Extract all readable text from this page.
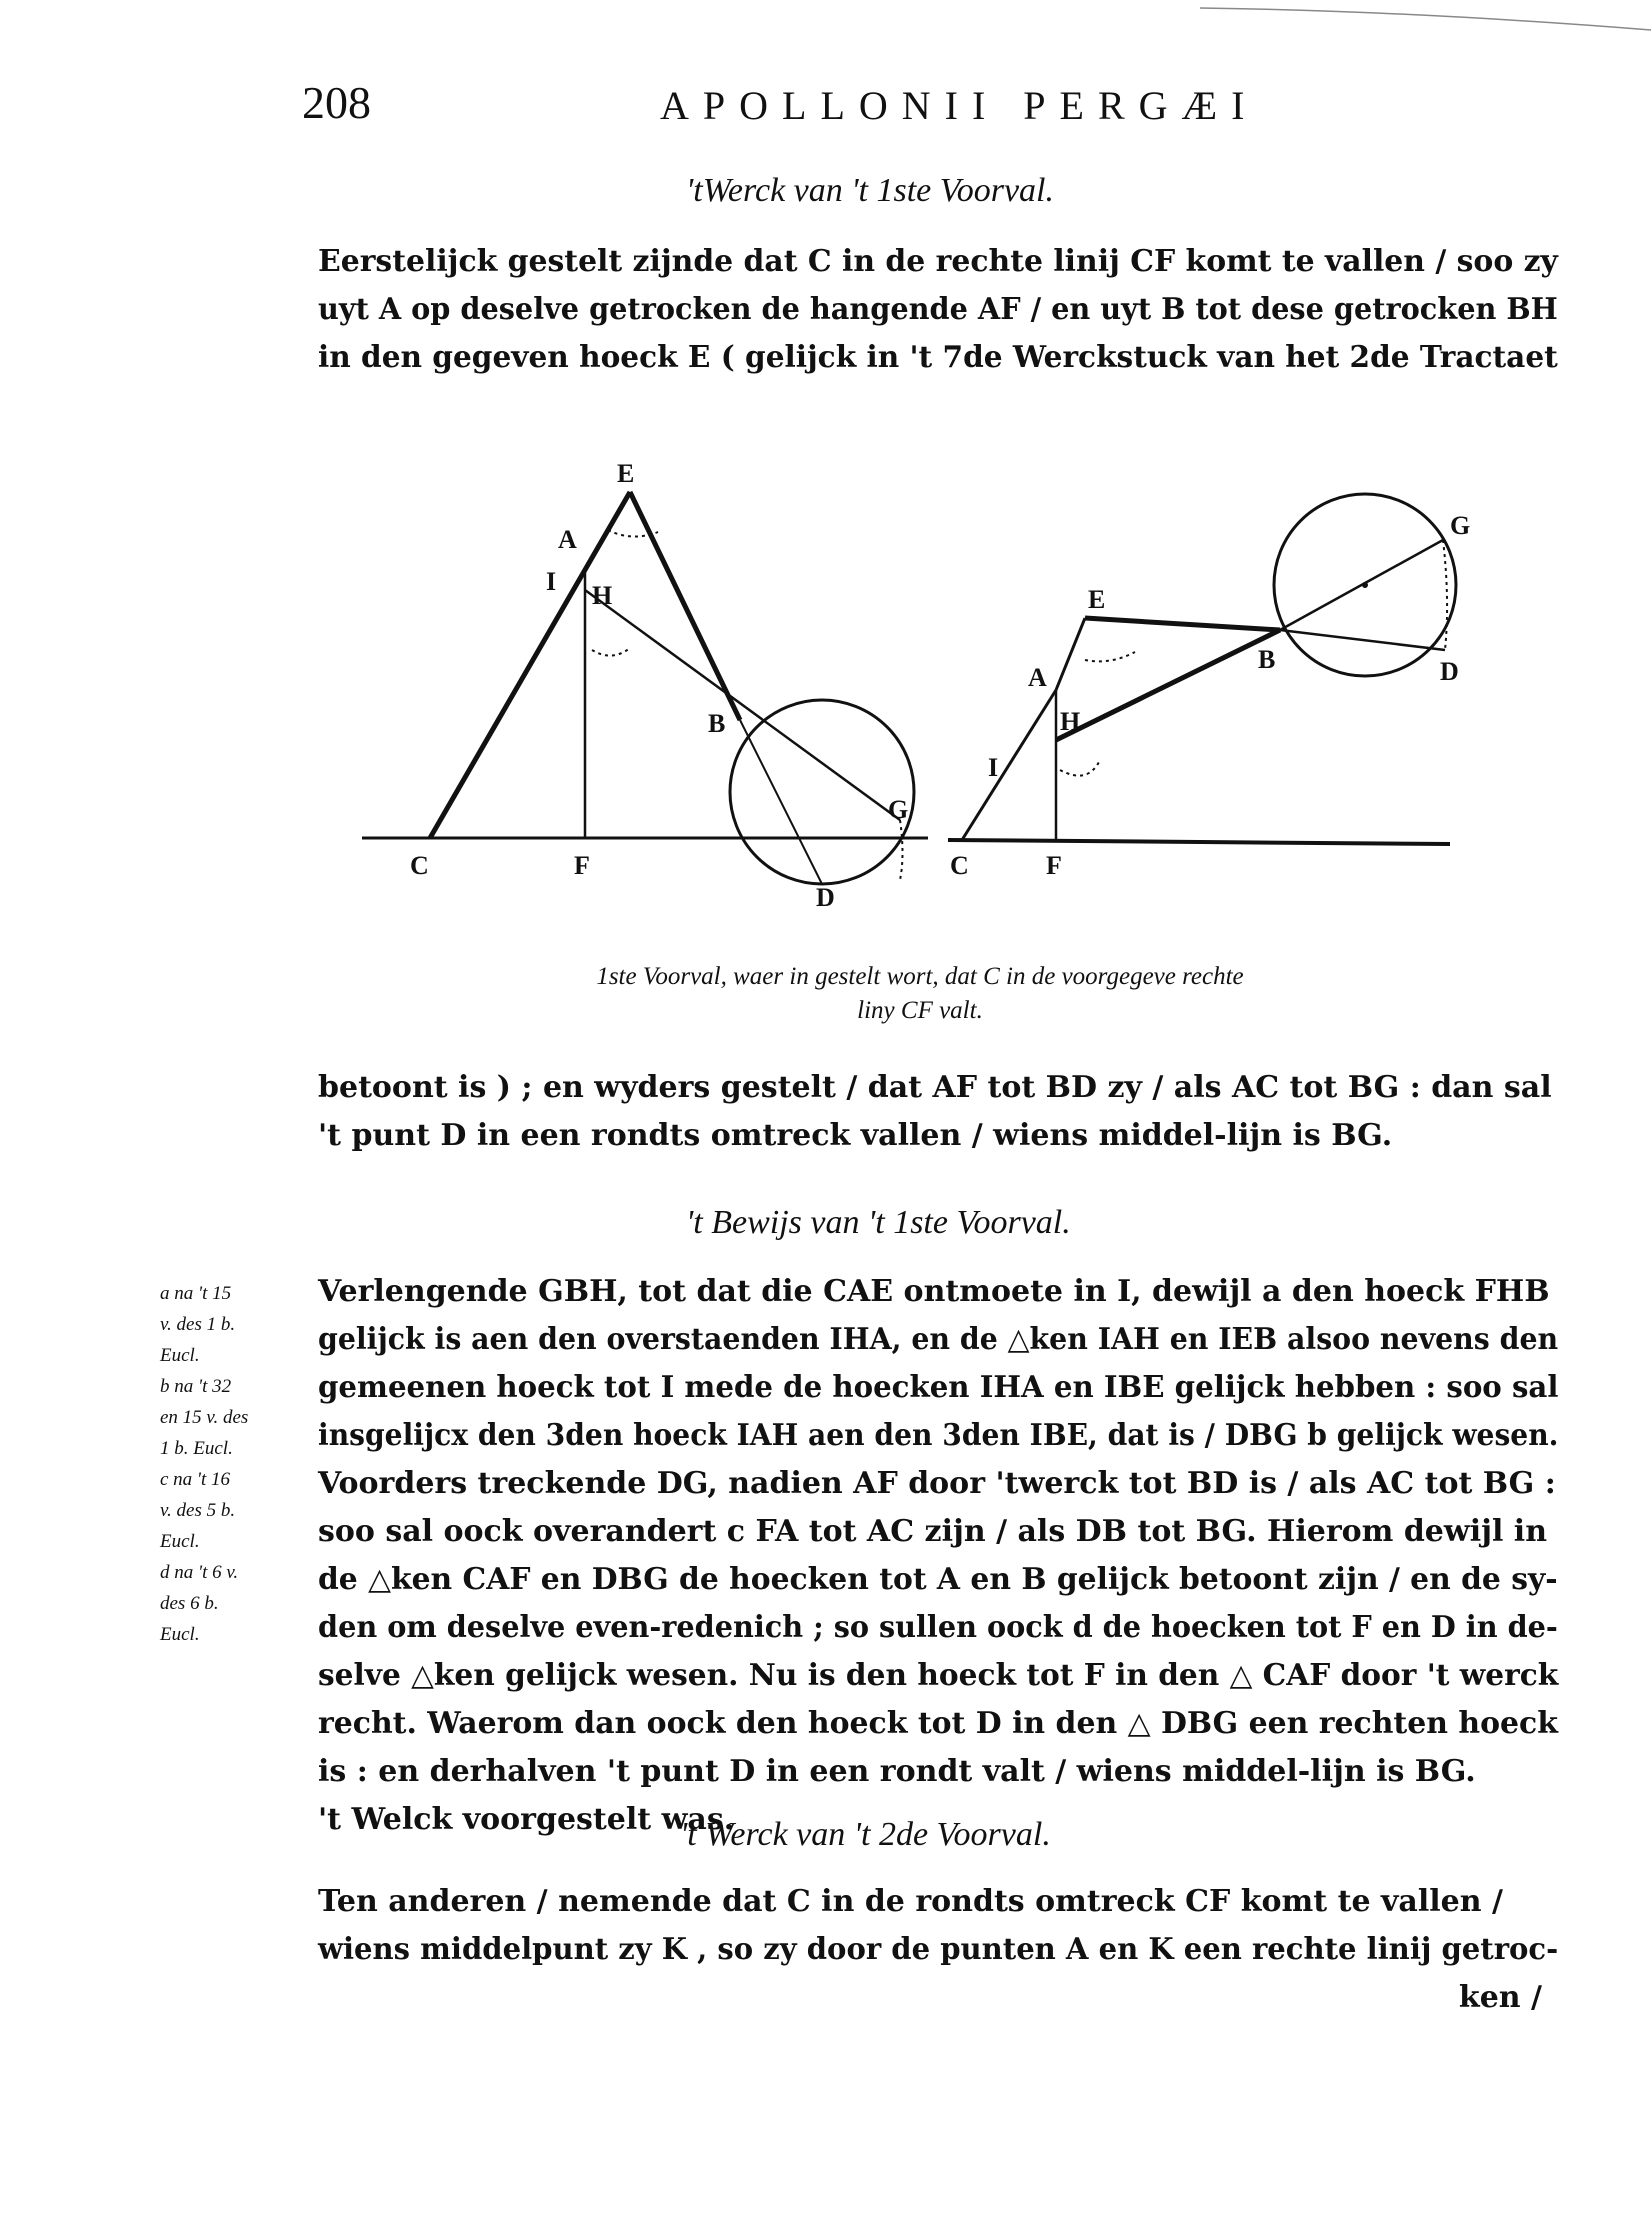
208	APOLLONII PERGÆI
'tWerck van 't 1ste Voorval.
Eerstelijck gestelt zijnde dat C in de rechte linij CF komt te vallen / soo zy
uyt A op deselve getrocken de hangende AF / en uyt B tot dese getrocken BH
in den gegeven hoeck E ( gelijck in 't 7de Werckstuck van het 2de Tractaet
E
A
I H
B
G
C	F
D
E
A
I
H
B
G
D
C	F
1ste Voorval, waer in gestelt wort, dat C in de voorgegeve rechte
liny CF valt.
betoont is ) ; en wyders gestelt / dat AF tot BD zy / als AC tot BG : dan sal
't punt D in een rondts omtreck vallen / wiens middel-lijn is BG.
't Bewijs van 't 1ste Voorval.
a na 't 15
v. des 1 b.
Eucl.
b na 't 32
en 15 v. des
1 b. Eucl.
c na 't 16
v. des 5 b.
Eucl.
d na 't 6 v.
des 6 b.
Eucl.
Verlengende GBH, tot dat die CAE ontmoete in I, dewijl a den hoeck FHB
gelijck is aen den overstaenden IHA, en de △ken IAH en IEB alsoo nevens den
gemeenen hoeck tot I mede de hoecken IHA en IBE gelijck hebben : soo sal
insgelijcx den 3den hoeck IAH aen den 3den IBE, dat is / DBG b gelijck wesen.
Voorders treckende DG, nadien AF door 'twerck tot BD is / als AC tot BG :
soo sal oock overandert c FA tot AC zijn / als DB tot BG. Hierom dewijl in
de △ken CAF en DBG de hoecken tot A en B gelijck betoont zijn / en de sy-
den om deselve even-redenich ; so sullen oock d de hoecken tot F en D in de-
selve △ken gelijck wesen. Nu is den hoeck tot F in den △ CAF door 't werck
recht. Waerom dan oock den hoeck tot D in den △ DBG een rechten hoeck
is : en derhalven 't punt D in een rondt valt / wiens middel-lijn is BG.
't Welck voorgestelt was.
't Werck van 't 2de Voorval.
Ten anderen / nemende dat C in de rondts omtreck CF komt te vallen /
wiens middelpunt zy K , so zy door de punten A en K een rechte linij getroc-
ken /
